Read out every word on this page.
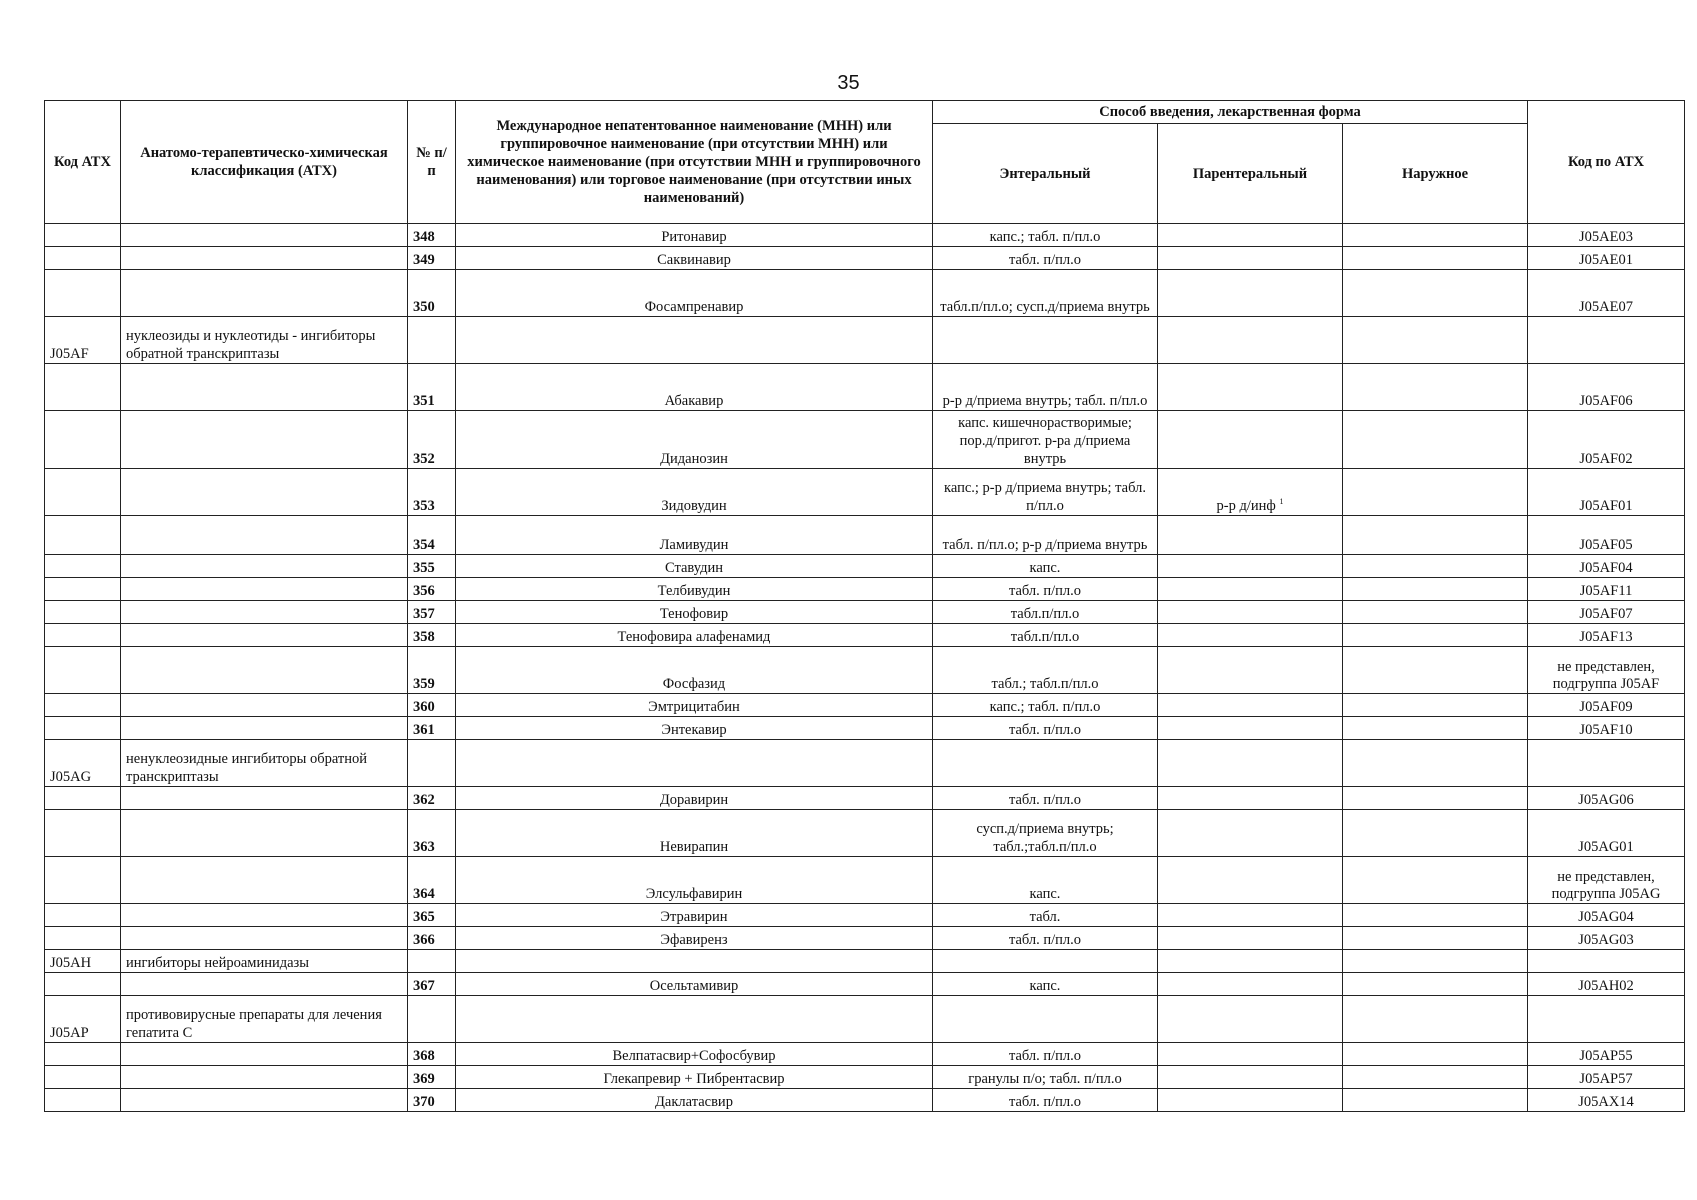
35
Код АТХ	Анатомо-терапевтическо-химическая классификация (АТХ)	№ п/п	Международное непатентованное наименование (МНН) или группировочное наименование (при отсутствии МНН) или химическое наименование (при отсутствии МНН и группировочного наименования) или торговое наименование (при отсутствии иных наименований)	Способ введения, лекарственная форма			Код по АТХ
				Энтеральный	Парентеральный	Наружное	
		348	Ритонавир	капс.; табл. п/пл.о			J05AE03
		349	Саквинавир	табл. п/пл.о			J05AE01
		350	Фосампренавир	табл.п/пл.о; сусп.д/приема внутрь			J05AE07
J05AF	нуклеозиды и нуклеотиды - ингибиторы обратной транскриптазы						
		351	Абакавир	р-р д/приема внутрь; табл. п/пл.о			J05AF06
		352	Диданозин	капс. кишечнорастворимые; пор.д/пригот. р-ра д/приема внутрь			J05AF02
		353	Зидовудин	капс.; р-р д/приема внутрь; табл. п/пл.о	р-р д/инф $^1$		J05AF01
		354	Ламивудин	табл. п/пл.о; р-р д/приема внутрь			J05AF05
		355	Ставудин	капс.			J05AF04
		356	Телбивудин	табл. п/пл.о			J05AF11
		357	Тенофовир	табл.п/пл.о			J05AF07
		358	Тенофовира алафенамид	табл.п/пл.о			J05AF13
		359	Фосфазид	табл.; табл.п/пл.о			не представлен, подгруппа J05AF
		360	Эмтрицитабин	капс.; табл. п/пл.о			J05AF09
		361	Энтекавир	табл. п/пл.о			J05AF10
J05AG	ненуклеозидные ингибиторы обратной транскриптазы						
		362	Доравирин	табл. п/пл.о			J05AG06
		363	Невирапин	сусп.д/приема внутрь; табл.;табл.п/пл.о			J05AG01
		364	Элсульфавирин	капс.			не представлен, подгруппа J05AG
		365	Этравирин	табл.			J05AG04
		366	Эфавиренз	табл. п/пл.о			J05AG03
J05AH	ингибиторы нейроаминидазы						
		367	Осельтамивир	капс.			J05AH02
J05AP	противовирусные препараты для лечения гепатита С						
		368	Велпатасвир+Софосбувир	табл. п/пл.о			J05AP55
		369	Глекапревир + Пибрентасвир	гранулы п/о; табл. п/пл.о			J05AP57
		370	Даклатасвир	табл. п/пл.о			J05AX14
